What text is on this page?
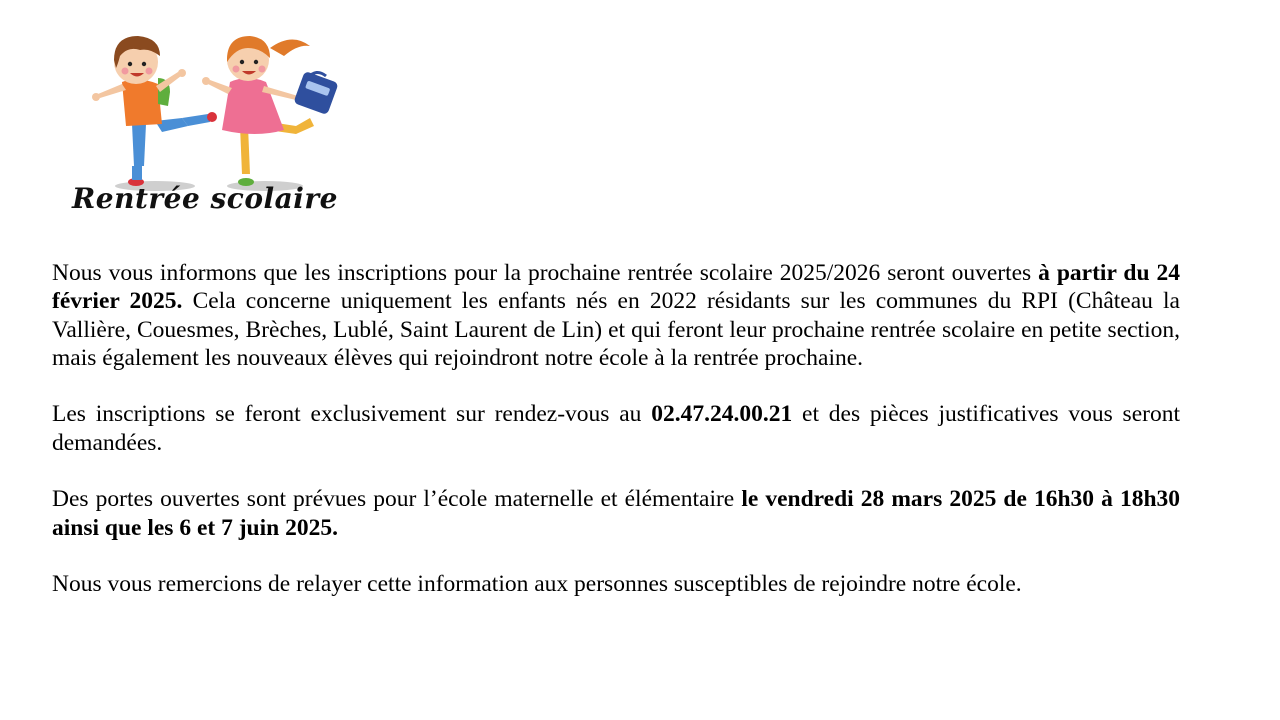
Rentrée scolaire

Nous vous informons que les inscriptions pour la prochaine rentrée scolaire 2025/2026 seront ouvertes à partir du 24 février 2025. Cela concerne uniquement les enfants nés en 2022 résidants sur les communes du RPI (Château la Vallière, Couesmes, Brèches, Lublé, Saint Laurent de Lin) et qui feront leur prochaine rentrée scolaire en petite section, mais également les nouveaux élèves qui rejoindront notre école à la rentrée prochaine.

Les inscriptions se feront exclusivement sur rendez-vous au 02.47.24.00.21 et des pièces justificatives vous seront demandées.

Des portes ouvertes sont prévues pour l’école maternelle et élémentaire le vendredi 28 mars 2025 de 16h30 à 18h30 ainsi que les 6 et 7 juin 2025.

Nous vous remercions de relayer cette information aux personnes susceptibles de rejoindre notre école.
